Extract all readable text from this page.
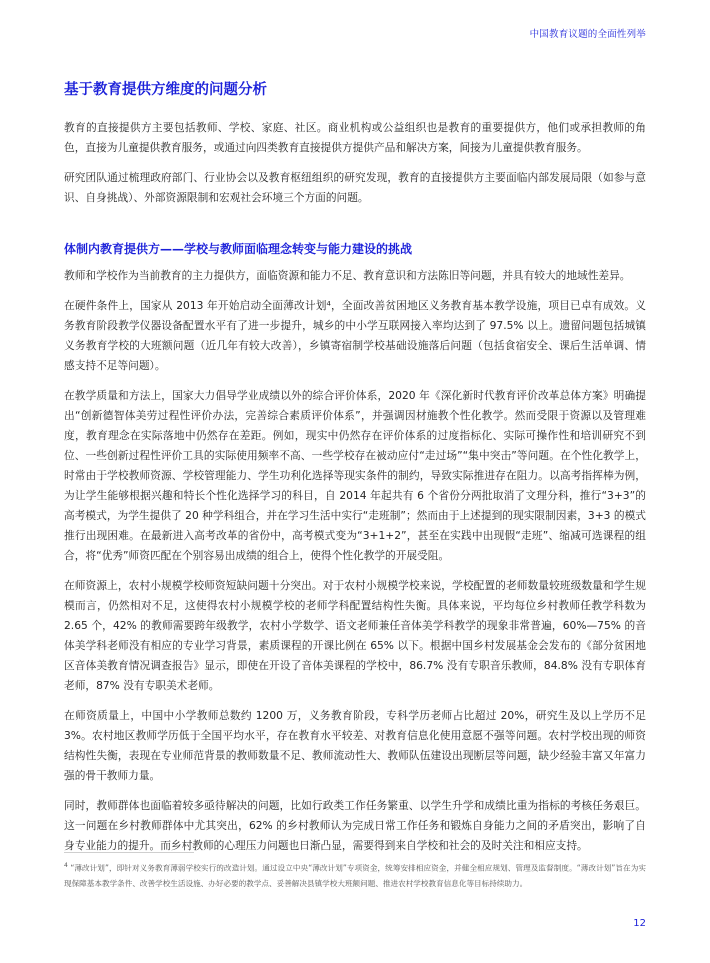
中国教育议题的全面性列举
基于教育提供方维度的问题分析

教育的直接提供方主要包括教师、学校、家庭、社区。商业机构或公益组织也是教育的重要提供方，他们或承担教师的角色，直接为儿童提供教育服务，或通过向四类教育直接提供方提供产品和解决方案，间接为儿童提供教育服务。

研究团队通过梳理政府部门、行业协会以及教育枢纽组织的研究发现，教育的直接提供方主要面临内部发展局限（如参与意识、自身挑战）、外部资源限制和宏观社会环境三个方面的问题。

体制内教育提供方——学校与教师面临理念转变与能力建设的挑战

教师和学校作为当前教育的主力提供方，面临资源和能力不足、教育意识和方法陈旧等问题，并具有较大的地域性差异。

在硬件条件上，国家从 2013 年开始启动全面薄改计划⁴，全面改善贫困地区义务教育基本教学设施，项目已卓有成效。义务教育阶段教学仪器设备配置水平有了进一步提升，城乡的中小学互联网接入率均达到了 97.5% 以上。遗留问题包括城镇义务教育学校的大班额问题（近几年有较大改善），乡镇寄宿制学校基础设施落后问题（包括食宿安全、课后生活单调、情感支持不足等问题）。

在教学质量和方法上，国家大力倡导学业成绩以外的综合评价体系，2020 年《深化新时代教育评价改革总体方案》明确提出“创新德智体美劳过程性评价办法，完善综合素质评价体系”，并强调因材施教个性化教学。然而受限于资源以及管理难度，教育理念在实际落地中仍然存在差距。例如，现实中仍然存在评价体系的过度指标化、实际可操作性和培训研究不到位、一些创新过程性评价工具的实际使用频率不高、一些学校存在被动应付“走过场”“集中突击”等问题。在个性化教学上，时常由于学校教师资源、学校管理能力、学生功利化选择等现实条件的制约，导致实际推进存在阻力。以高考指挥棒为例，为让学生能够根据兴趣和特长个性化选择学习的科目，自 2014 年起共有 6 个省份分两批取消了文理分科，推行“3+3”的高考模式，为学生提供了 20 种学科组合，并在学习生活中实行“走班制”；然而由于上述提到的现实限制因素，3+3 的模式推行出现困难。在最新进入高考改革的省份中，高考模式变为“3+1+2”，甚至在实践中出现假“走班”、缩减可选课程的组合，将“优秀”师资匹配在个别容易出成绩的组合上，使得个性化教学的开展受阻。

在师资源上，农村小规模学校师资短缺问题十分突出。对于农村小规模学校来说，学校配置的老师数量较班级数量和学生规模而言，仍然相对不足，这使得农村小规模学校的老师学科配置结构性失衡。具体来说，平均每位乡村教师任教学科数为 2.65 个，42% 的教师需要跨年级教学，农村小学数学、语文老师兼任音体美学科教学的现象非常普遍，60%—75% 的音体美学科老师没有相应的专业学习背景，素质课程的开课比例在 65% 以下。根据中国乡村发展基金会发布的《部分贫困地区音体美教育情况调查报告》显示，即使在开设了音体美课程的学校中，86.7% 没有专职音乐教师，84.8% 没有专职体育老师，87% 没有专职美术老师。

在师资质量上，中国中小学教师总数约 1200 万，义务教育阶段，专科学历老师占比超过 20%，研究生及以上学历不足 3%。农村地区教师学历低于全国平均水平，存在教育水平较差、对教育信息化使用意愿不强等问题。农村学校出现的师资结构性失衡，表现在专业师范背景的教师数量不足、教师流动性大、教师队伍建设出现断层等问题，缺少经验丰富又年富力强的骨干教师力量。

同时，教师群体也面临着较多亟待解决的问题，比如行政类工作任务繁重、以学生升学和成绩比重为指标的考核任务艰巨。这一问题在乡村教师群体中尤其突出，62% 的乡村教师认为完成日常工作任务和锻炼自身能力之间的矛盾突出，影响了自身专业能力的提升。而乡村教师的心理压力问题也日渐凸显，需要得到来自学校和社会的及时关注和相应支持。

$^4$ “薄改计划”，即针对义务教育薄弱学校实行的改造计划。通过设立中央“薄改计划”专项资金，统筹安排相应资金，并健全相应规划、管理及监督制度。“薄改计划”旨在为实现保障基本教学条件、改善学校生活设施、办好必要的教学点、妥善解决县镇学校大班额问题、推进农村学校教育信息化等目标持续助力。
12
